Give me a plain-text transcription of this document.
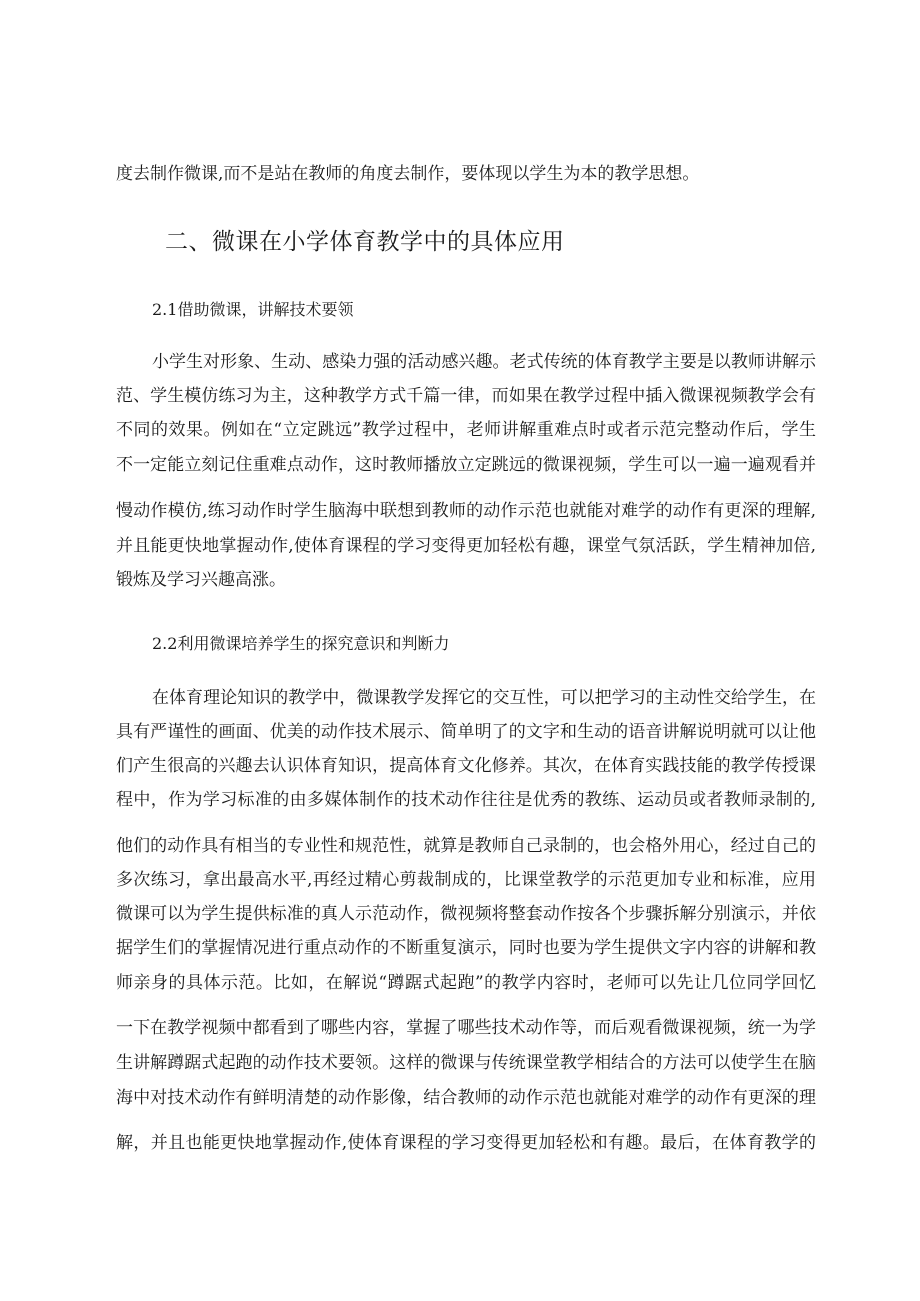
度去制作微课,而不是站在教师的角度去制作，要体现以学生为本的教学思想。
二、微课在小学体育教学中的具体应用
2.1借助微课，讲解技术要领
小学生对形象、生动、感染力强的活动感兴趣。老式传统的体育教学主要是以教师讲解示
范、学生模仿练习为主，这种教学方式千篇一律，而如果在教学过程中插入微课视频教学会有
不同的效果。例如在“立定跳远”教学过程中，老师讲解重难点时或者示范完整动作后，学生
不一定能立刻记住重难点动作，这时教师播放立定跳远的微课视频，学生可以一遍一遍观看并
慢动作模仿,练习动作时学生脑海中联想到教师的动作示范也就能对难学的动作有更深的理解,
并且能更快地掌握动作,使体育课程的学习变得更加轻松有趣，课堂气氛活跃，学生精神加倍,
锻炼及学习兴趣高涨。
2.2利用微课培养学生的探究意识和判断力
在体育理论知识的教学中，微课教学发挥它的交互性，可以把学习的主动性交给学生，在
具有严谨性的画面、优美的动作技术展示、简单明了的文字和生动的语音讲解说明就可以让他
们产生很高的兴趣去认识体育知识，提高体育文化修养。其次，在体育实践技能的教学传授课
程中，作为学习标准的由多媒体制作的技术动作往往是优秀的教练、运动员或者教师录制的,
他们的动作具有相当的专业性和规范性，就算是教师自己录制的，也会格外用心，经过自己的
多次练习，拿出最高水平,再经过精心剪裁制成的，比课堂教学的示范更加专业和标准，应用
微课可以为学生提供标准的真人示范动作，微视频将整套动作按各个步骤拆解分别演示，并依
据学生们的掌握情况进行重点动作的不断重复演示，同时也要为学生提供文字内容的讲解和教
师亲身的具体示范。比如，在解说“蹲踞式起跑”的教学内容时，老师可以先让几位同学回忆
一下在教学视频中都看到了哪些内容，掌握了哪些技术动作等，而后观看微课视频，统一为学
生讲解蹲踞式起跑的动作技术要领。这样的微课与传统课堂教学相结合的方法可以使学生在脑
海中对技术动作有鲜明清楚的动作影像，结合教师的动作示范也就能对难学的动作有更深的理
解，并且也能更快地掌握动作,使体育课程的学习变得更加轻松和有趣。最后，在体育教学的
